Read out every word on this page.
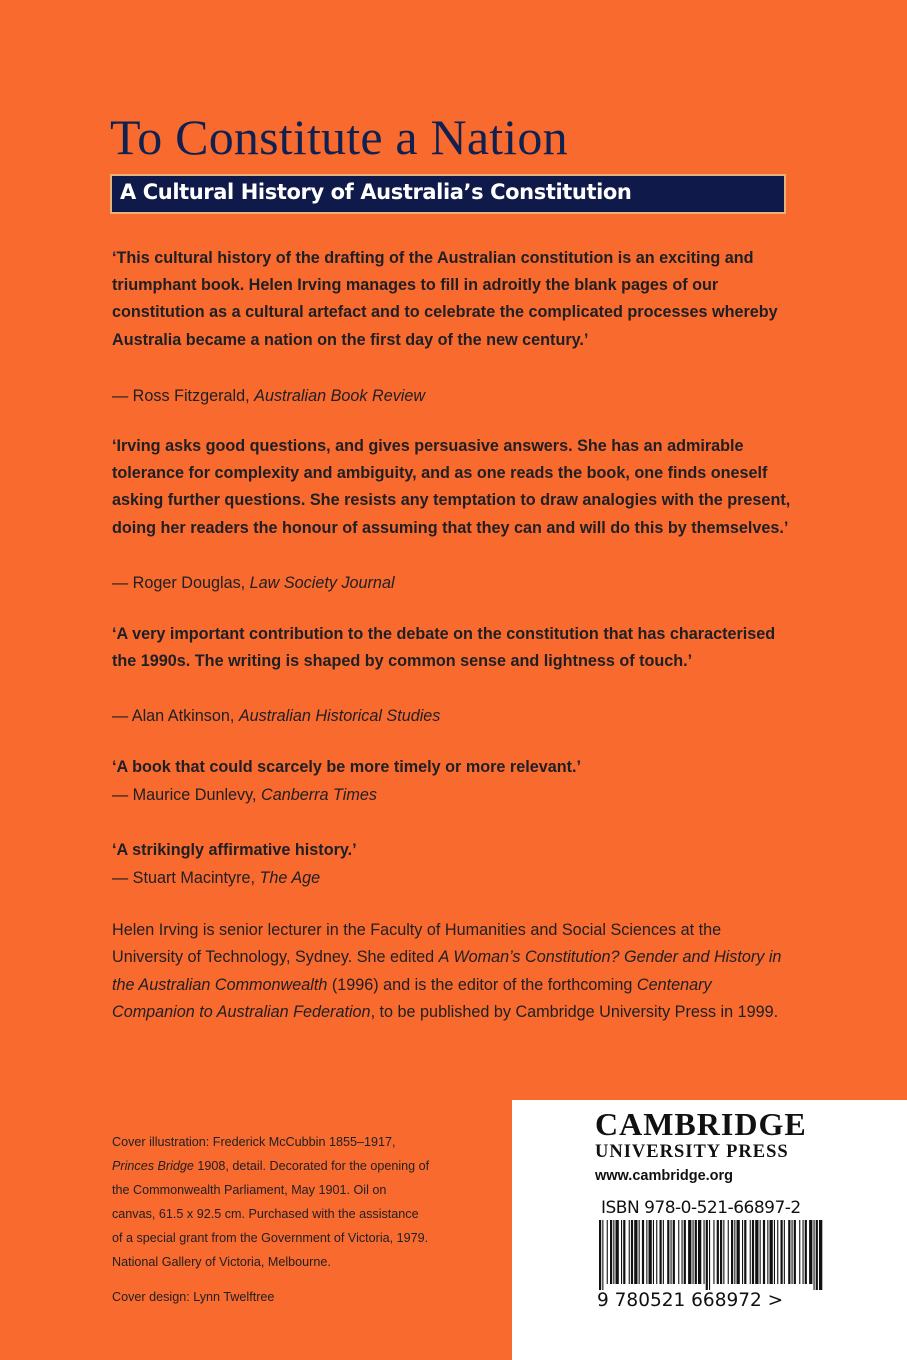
To Constitute a Nation
A Cultural History of Australia’s Constitution

‘This cultural history of the drafting of the Australian constitution is an exciting and triumphant book. Helen Irving manages to fill in adroitly the blank pages of our constitution as a cultural artefact and to celebrate the complicated processes whereby Australia became a nation on the first day of the new century.’

— Ross Fitzgerald, Australian Book Review

‘Irving asks good questions, and gives persuasive answers. She has an admirable tolerance for complexity and ambiguity, and as one reads the book, one finds oneself asking further questions. She resists any temptation to draw analogies with the present, doing her readers the honour of assuming that they can and will do this by themselves.’

— Roger Douglas, Law Society Journal

‘A very important contribution to the debate on the constitution that has characterised the 1990s. The writing is shaped by common sense and lightness of touch.’

— Alan Atkinson, Australian Historical Studies

‘A book that could scarcely be more timely or more relevant.’

— Maurice Dunlevy, Canberra Times

‘A strikingly affirmative history.’

— Stuart Macintyre, The Age

Helen Irving is senior lecturer in the Faculty of Humanities and Social Sciences at the University of Technology, Sydney. She edited A Woman’s Constitution? Gender and History in the Australian Commonwealth (1996) and is the editor of the forthcoming Centenary Companion to Australian Federation, to be published by Cambridge University Press in 1999.

Cover illustration: Frederick McCubbin 1855–1917, Princes Bridge 1908, detail. Decorated for the opening of the Commonwealth Parliament, May 1901. Oil on canvas, 61.5 x 92.5 cm. Purchased with the assistance of a special grant from the Government of Victoria, 1979. National Gallery of Victoria, Melbourne.

Cover design: Lynn Twelftree

CAMBRIDGE

UNIVERSITY PRESS

www.cambridge.org

ISBN 978-0-521-66897-2

9 780521 668972 >
